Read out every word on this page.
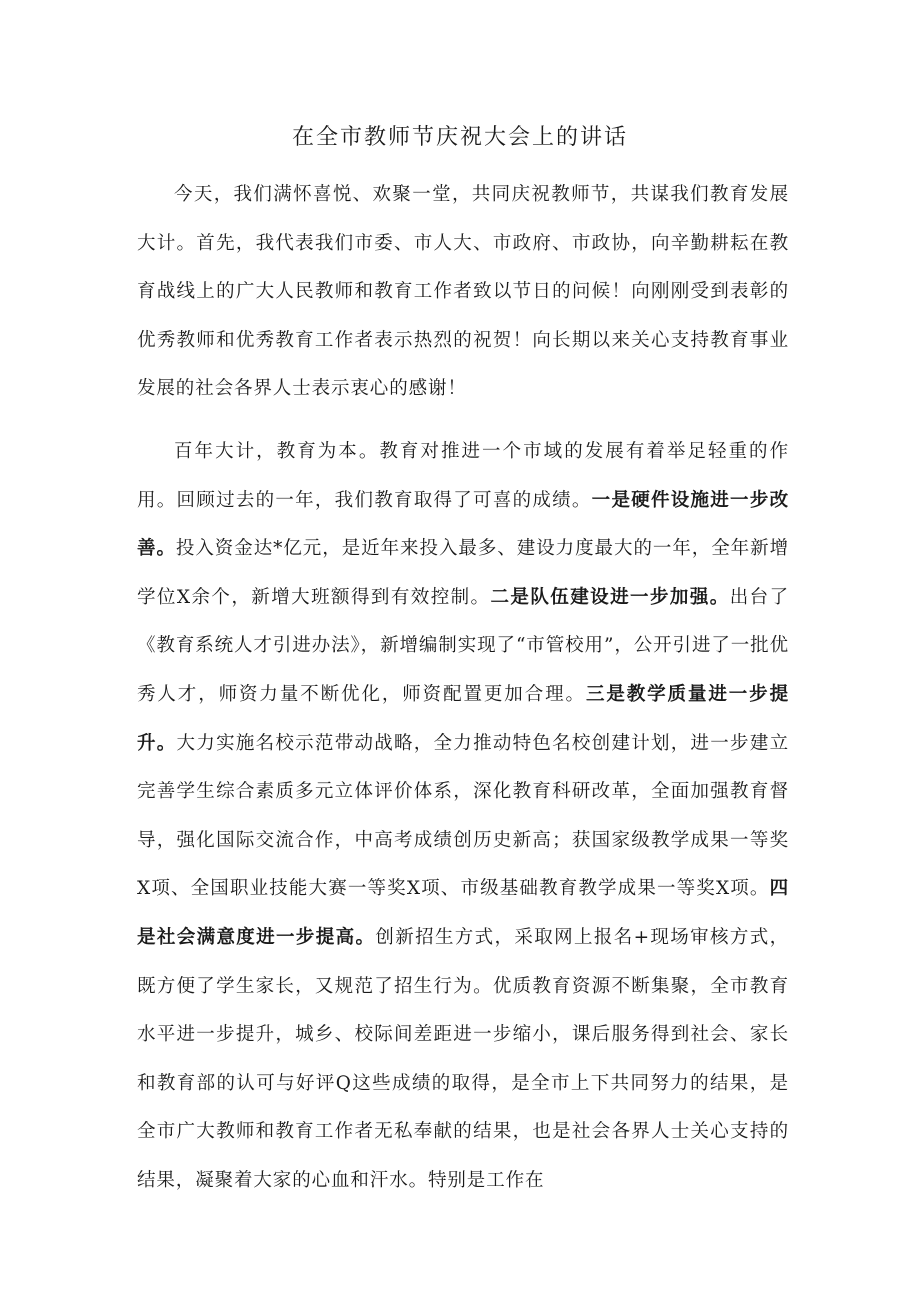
在全市教师节庆祝大会上的讲话

今天，我们满怀喜悦、欢聚一堂，共同庆祝教师节，共谋我们教育发展大计。首先，我代表我们市委、市人大、市政府、市政协，向辛勤耕耘在教育战线上的广大人民教师和教育工作者致以节日的问候！向刚刚受到表彰的优秀教师和优秀教育工作者表示热烈的祝贺！向长期以来关心支持教育事业发展的社会各界人士表示衷心的感谢！

百年大计，教育为本。教育对推进一个市域的发展有着举足轻重的作用。回顾过去的一年，我们教育取得了可喜的成绩。一是硬件设施进一步改善。投入资金达*亿元，是近年来投入最多、建设力度最大的一年，全年新增学位X余个，新增大班额得到有效控制。二是队伍建设进一步加强。出台了《教育系统人才引进办法》，新增编制实现了“市管校用”，公开引进了一批优秀人才，师资力量不断优化，师资配置更加合理。三是教学质量进一步提升。大力实施名校示范带动战略，全力推动特色名校创建计划，进一步建立完善学生综合素质多元立体评价体系，深化教育科研改革，全面加强教育督导，强化国际交流合作，中高考成绩创历史新高；获国家级教学成果一等奖X项、全国职业技能大赛一等奖X项、市级基础教育教学成果一等奖X项。四是社会满意度进一步提高。创新招生方式，采取网上报名+现场审核方式，既方便了学生家长，又规范了招生行为。优质教育资源不断集聚，全市教育水平进一步提升，城乡、校际间差距进一步缩小，课后服务得到社会、家长和教育部的认可与好评Q这些成绩的取得，是全市上下共同努力的结果，是全市广大教师和教育工作者无私奉献的结果，也是社会各界人士关心支持的结果，凝聚着大家的心血和汗水。特别是工作在
